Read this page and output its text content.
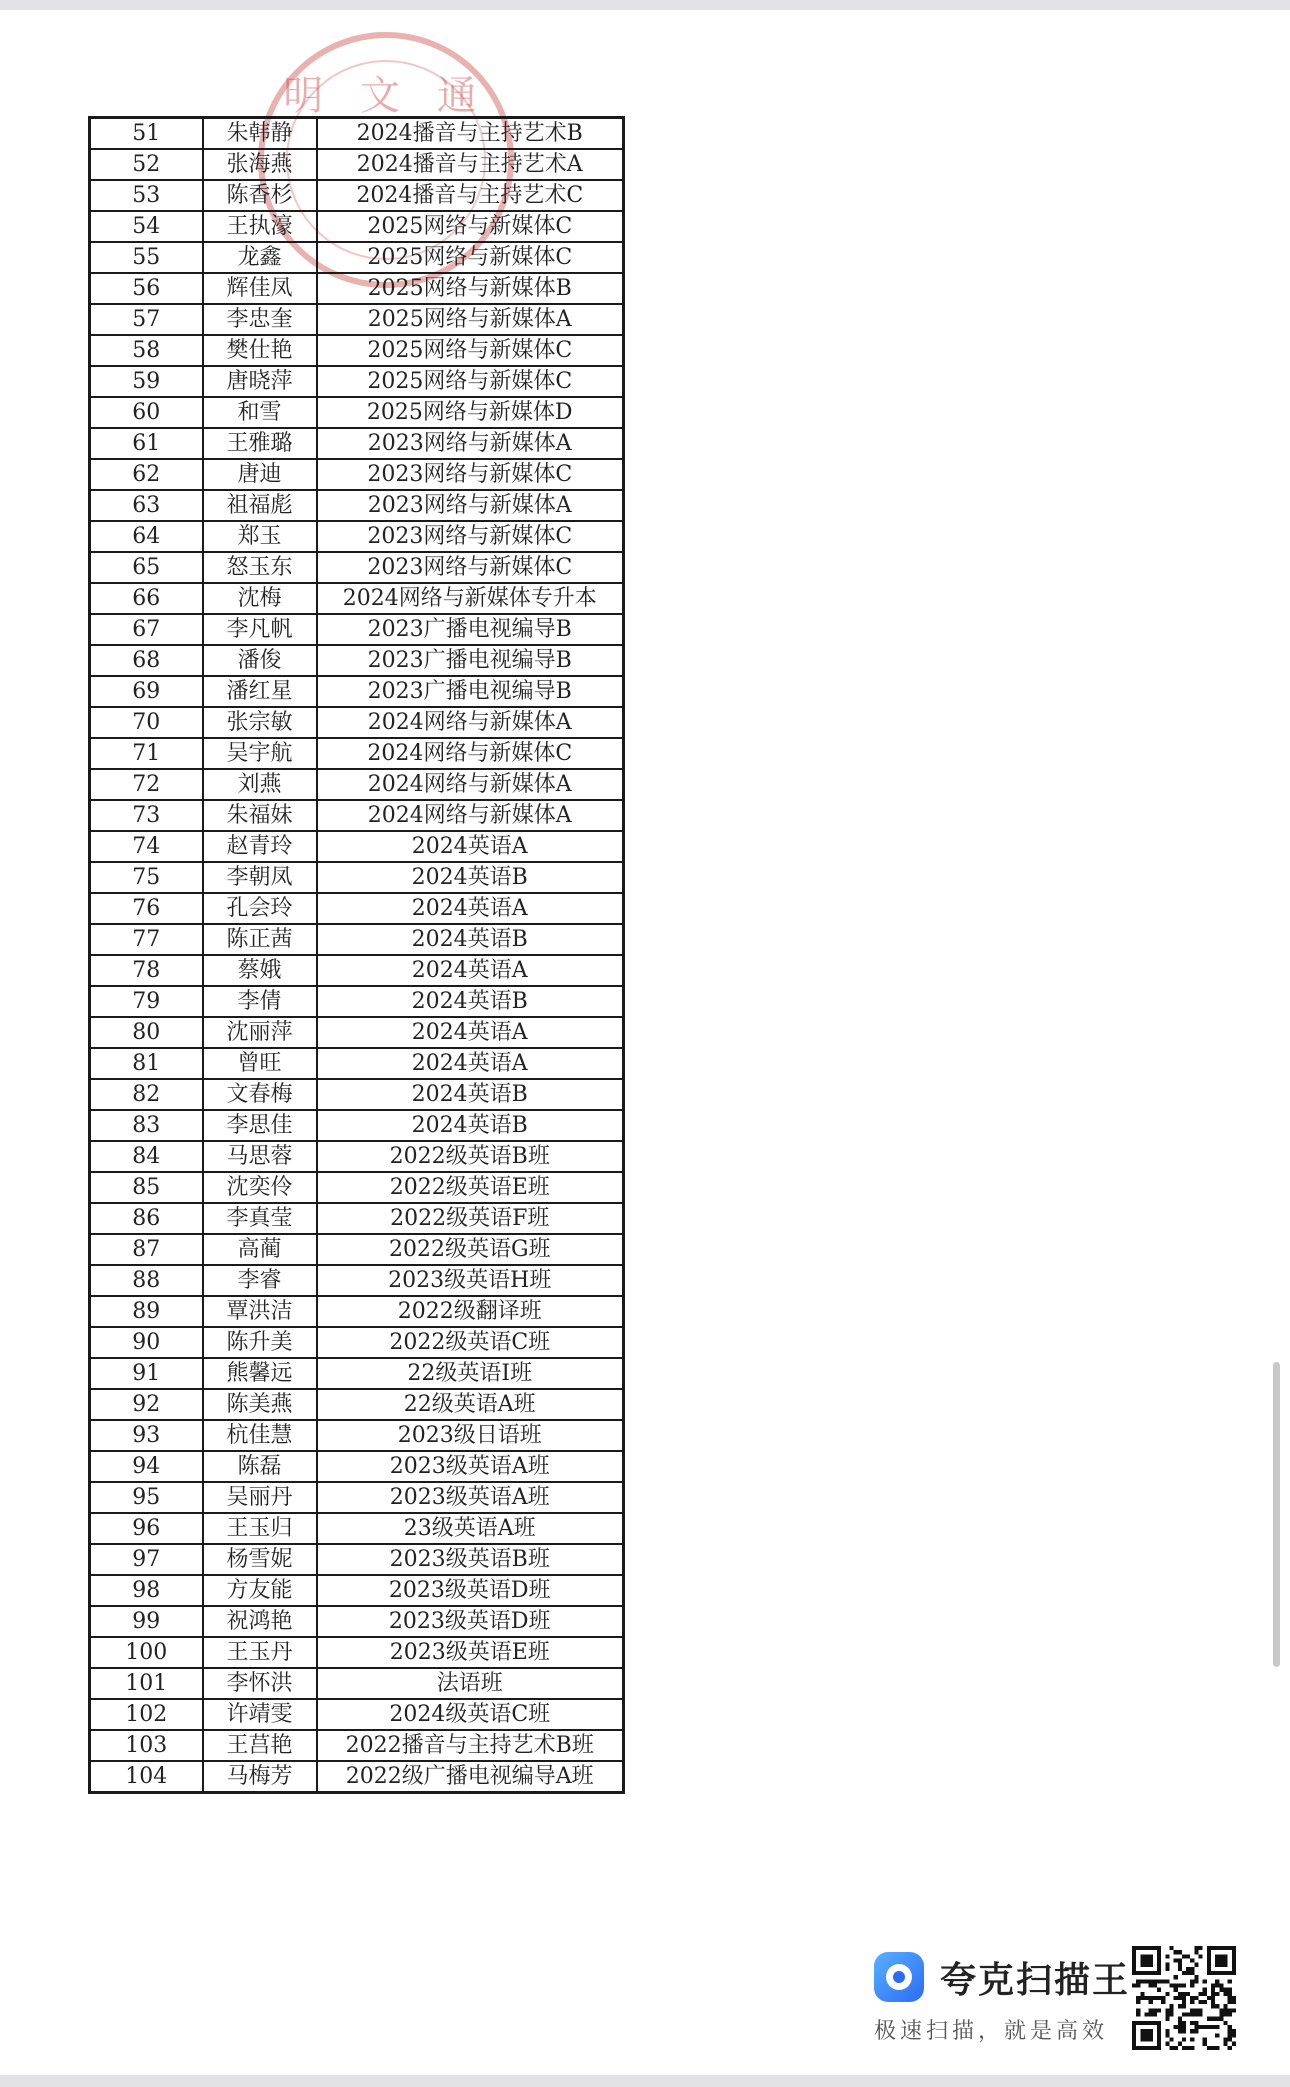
明 文 通
51	朱韩静	2024播音与主持艺术B
52	张海燕	2024播音与主持艺术A
53	陈香杉	2024播音与主持艺术C
54	王执濠	2025网络与新媒体C
55	龙鑫	2025网络与新媒体C
56	辉佳凤	2025网络与新媒体B
57	李忠奎	2025网络与新媒体A
58	樊仕艳	2025网络与新媒体C
59	唐晓萍	2025网络与新媒体C
60	和雪	2025网络与新媒体D
61	王雅璐	2023网络与新媒体A
62	唐迪	2023网络与新媒体C
63	祖福彪	2023网络与新媒体A
64	郑玉	2023网络与新媒体C
65	怒玉东	2023网络与新媒体C
66	沈梅	2024网络与新媒体专升本
67	李凡帆	2023广播电视编导B
68	潘俊	2023广播电视编导B
69	潘红星	2023广播电视编导B
70	张宗敏	2024网络与新媒体A
71	吴宇航	2024网络与新媒体C
72	刘燕	2024网络与新媒体A
73	朱福妹	2024网络与新媒体A
74	赵青玲	2024英语A
75	李朝凤	2024英语B
76	孔会玲	2024英语A
77	陈正茜	2024英语B
78	蔡娥	2024英语A
79	李倩	2024英语B
80	沈丽萍	2024英语A
81	曾旺	2024英语A
82	文春梅	2024英语B
83	李思佳	2024英语B
84	马思蓉	2022级英语B班
85	沈奕伶	2022级英语E班
86	李真莹	2022级英语F班
87	高蔺	2022级英语G班
88	李睿	2023级英语H班
89	覃洪洁	2022级翻译班
90	陈升美	2022级英语C班
91	熊馨远	22级英语I班
92	陈美燕	22级英语A班
93	杭佳慧	2023级日语班
94	陈磊	2023级英语A班
95	吴丽丹	2023级英语A班
96	王玉归	23级英语A班
97	杨雪妮	2023级英语B班
98	方友能	2023级英语D班
99	祝鸿艳	2023级英语D班
100	王玉丹	2023级英语E班
101	李怀洪	法语班
102	许靖雯	2024级英语C班
103	王莒艳	2022播音与主持艺术B班
104	马梅芳	2022级广播电视编导A班
夸克扫描王
极速扫描，就是高效
